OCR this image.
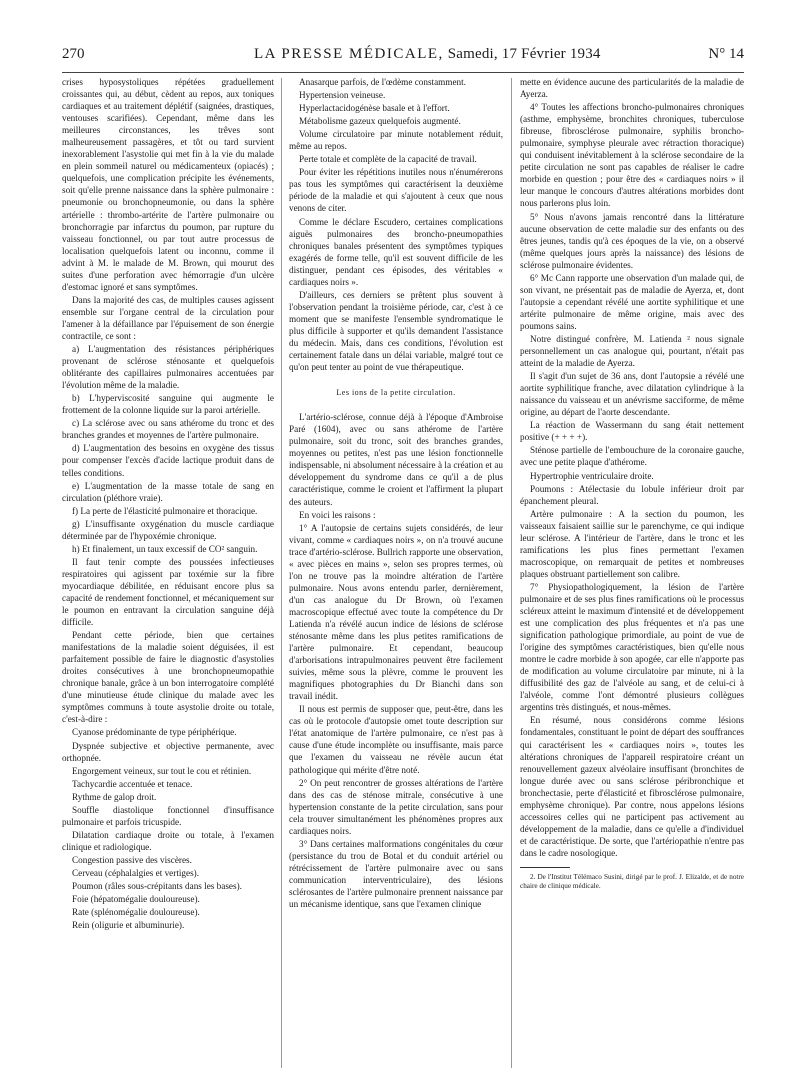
270	LA PRESSE MÉDICALE, Samedi, 17 Février 1934	N° 14

crises hyposystoliques répétées graduellement croissantes qui, au début, cèdent au repos, aux toniques cardiaques et au traitement déplétif (saignées, drastiques, ventouses scarifiées). Cependant, même dans les meilleures circonstances, les trêves sont malheureusement passagères, et tôt ou tard survient inexorablement l'asystolie qui met fin à la vie du malade en plein sommeil naturel ou médicamenteux (opiacés) ; quelquefois, une complication précipite les événements, soit qu'elle prenne naissance dans la sphère pulmonaire : pneumonie ou bronchopneumonie, ou dans la sphère artérielle : thrombo-artérite de l'artère pulmonaire ou bronchorragie par infarctus du poumon, par rupture du vaisseau fonctionnel, ou par tout autre processus de localisation quelquefois latent ou inconnu, comme il advint à M. le malade de M. Brown, qui mourut des suites d'une perforation avec hémorragie d'un ulcère d'estomac ignoré et sans symptômes.

Dans la majorité des cas, de multiples causes agissent ensemble sur l'organe central de la circulation pour l'amener à la défaillance par l'épuisement de son énergie contractile, ce sont :

a) L'augmentation des résistances périphériques provenant de sclérose sténosante et quelquefois oblitérante des capillaires pulmonaires accentuées par l'évolution même de la maladie.

b) L'hyperviscosité sanguine qui augmente le frottement de la colonne liquide sur la paroi artérielle.

c) La sclérose avec ou sans athérome du tronc et des branches grandes et moyennes de l'artère pulmonaire.

d) L'augmentation des besoins en oxygène des tissus pour compenser l'excès d'acide lactique produit dans de telles conditions.

e) L'augmentation de la masse totale de sang en circulation (pléthore vraie).

f) La perte de l'élasticité pulmonaire et thoracique.

g) L'insuffisante oxygénation du muscle cardiaque déterminée par de l'hypoxémie chronique.

h) Et finalement, un taux excessif de CO² sanguin.

Il faut tenir compte des poussées infectieuses respiratoires qui agissent par toxémie sur la fibre myocardiaque débilitée, en réduisant encore plus sa capacité de rendement fonctionnel, et mécaniquement sur le poumon en entravant la circulation sanguine déjà difficile.

Pendant cette période, bien que certaines manifestations de la maladie soient déguisées, il est parfaitement possible de faire le diagnostic d'asystolies droites consécutives à une bronchopneumopathie chronique banale, grâce à un bon interrogatoire complété d'une minutieuse étude clinique du malade avec les symptômes communs à toute asystolie droite ou totale, c'est-à-dire :

Cyanose prédominante de type périphérique.

Dyspnée subjective et objective permanente, avec orthopnée.

Engorgement veineux, sur tout le cou et rétinien.

Tachycardie accentuée et tenace.

Rythme de galop droit.

Souffle diastolique fonctionnel d'insuffisance pulmonaire et parfois tricuspide.

Dilatation cardiaque droite ou totale, à l'examen clinique et radiologique.

Congestion passive des viscères.

Cerveau (céphalalgies et vertiges).

Poumon (râles sous-crépitants dans les bases).

Foie (hépatomégalie douloureuse).

Rate (splénomégalie douloureuse).

Rein (oligurie et albuminurie).

Anasarque parfois, de l'œdème constamment.

Hypertension veineuse.

Hyperlactacidogénèse basale et à l'effort.

Métabolisme gazeux quelquefois augmenté.

Volume circulatoire par minute notablement réduit, même au repos.

Perte totale et complète de la capacité de travail.

Pour éviter les répétitions inutiles nous n'énumérerons pas tous les symptômes qui caractérisent la deuxième période de la maladie et qui s'ajoutent à ceux que nous venons de citer.

Comme le déclare Escudero, certaines complications aiguës pulmonaires des broncho-pneumopathies chroniques banales présentent des symptômes typiques exagérés de forme telle, qu'il est souvent difficile de les distinguer, pendant ces épisodes, des véritables « cardiaques noirs ».

D'ailleurs, ces derniers se prêtent plus souvent à l'observation pendant la troisième période, car, c'est à ce moment que se manifeste l'ensemble syndromatique le plus difficile à supporter et qu'ils demandent l'assistance du médecin. Mais, dans ces conditions, l'évolution est certainement fatale dans un délai variable, malgré tout ce qu'on peut tenter au point de vue thérapeutique.

Les ions de la petite circulation.

L'artério-sclérose, connue déjà à l'époque d'Ambroise Paré (1604), avec ou sans athérome de l'artère pulmonaire, soit du tronc, soit des branches grandes, moyennes ou petites, n'est pas une lésion fonctionnelle indispensable, ni absolument nécessaire à la création et au développement du syndrome dans ce qu'il a de plus caractéristique, comme le croient et l'affirment la plupart des auteurs.

En voici les raisons :

1° A l'autopsie de certains sujets considérés, de leur vivant, comme « cardiaques noirs », on n'a trouvé aucune trace d'artério-sclérose. Bullrich rapporte une observation, « avec pièces en mains », selon ses propres termes, où l'on ne trouve pas la moindre altération de l'artère pulmonaire. Nous avons entendu parler, dernièrement, d'un cas analogue du Dr Brown, où l'examen macroscopique effectué avec toute la compétence du Dr Latienda n'a révélé aucun indice de lésions de sclérose sténosante même dans les plus petites ramifications de l'artère pulmonaire. Et cependant, beaucoup d'arborisations intrapulmonaires peuvent être facilement suivies, même sous la plèvre, comme le prouvent les magnifiques photographies du Dr Bianchi dans son travail inédit.

Il nous est permis de supposer que, peut-être, dans les cas où le protocole d'autopsie omet toute description sur l'état anatomique de l'artère pulmonaire, ce n'est pas à cause d'une étude incomplète ou insuffisante, mais parce que l'examen du vaisseau ne révèle aucun état pathologique qui mérite d'être noté.

2° On peut rencontrer de grosses altérations de l'artère dans des cas de sténose mitrale, consécutive à une hypertension constante de la petite circulation, sans pour cela trouver simultanément les phénomènes propres aux cardiaques noirs.

3° Dans certaines malformations congénitales du cœur (persistance du trou de Botal et du conduit artériel ou rétrécissement de l'artère pulmonaire avec ou sans communication interventriculaire), des lésions sclérosantes de l'artère pulmonaire prennent naissance par un mécanisme identique, sans que l'examen clinique

mette en évidence aucune des particularités de la maladie de Ayerza.

4° Toutes les affections broncho-pulmonaires chroniques (asthme, emphysème, bronchites chroniques, tuberculose fibreuse, fibrosclérose pulmonaire, syphilis broncho-pulmonaire, symphyse pleurale avec rétraction thoracique) qui conduisent inévitablement à la sclérose secondaire de la petite circulation ne sont pas capables de réaliser le cadre morbide en question ; pour être des « cardiaques noirs » il leur manque le concours d'autres altérations morbides dont nous parlerons plus loin.

5° Nous n'avons jamais rencontré dans la littérature aucune observation de cette maladie sur des enfants ou des êtres jeunes, tandis qu'à ces époques de la vie, on a observé (même quelques jours après la naissance) des lésions de sclérose pulmonaire évidentes.

6° Mc Cann rapporte une observation d'un malade qui, de son vivant, ne présentait pas de maladie de Ayerza, et, dont l'autopsie a cependant révélé une aortite syphilitique et une artérite pulmonaire de même origine, mais avec des poumons sains.

Notre distingué confrère, M. Latienda ² nous signale personnellement un cas analogue qui, pourtant, n'était pas atteint de la maladie de Ayerza.

Il s'agit d'un sujet de 36 ans, dont l'autopsie a révélé une aortite syphilitique franche, avec dilatation cylindrique à la naissance du vaisseau et un anévrisme sacciforme, de même origine, au départ de l'aorte descendante.

La réaction de Wassermann du sang était nettement positive (+ + + +).

Sténose partielle de l'embouchure de la coronaire gauche, avec une petite plaque d'athérome.

Hypertrophie ventriculaire droite.

Poumons : Atélectasie du lobule inférieur droit par épanchement pleural.

Artère pulmonaire : A la section du poumon, les vaisseaux faisaient saillie sur le parenchyme, ce qui indique leur sclérose. A l'intérieur de l'artère, dans le tronc et les ramifications les plus fines permettant l'examen macroscopique, on remarquait de petites et nombreuses plaques obstruant partiellement son calibre.

7° Physiopathologiquement, la lésion de l'artère pulmonaire et de ses plus fines ramifications où le processus scléreux atteint le maximum d'intensité et de développement est une complication des plus fréquentes et n'a pas une signification pathologique primordiale, au point de vue de l'origine des symptômes caractéristiques, bien qu'elle nous montre le cadre morbide à son apogée, car elle n'apporte pas de modification au volume circulatoire par minute, ni à la diffusibilité des gaz de l'alvéole au sang, et de celui-ci à l'alvéole, comme l'ont démontré plusieurs collègues argentins très distingués, et nous-mêmes.

En résumé, nous considérons comme lésions fondamentales, constituant le point de départ des souffrances qui caractérisent les « cardiaques noirs », toutes les altérations chroniques de l'appareil respiratoire créant un renouvellement gazeux alvéolaire insuffisant (bronchites de longue durée avec ou sans sclérose péribronchique et bronchectasie, perte d'élasticité et fibrosclérose pulmonaire, emphysème chronique). Par contre, nous appelons lésions accessoires celles qui ne participent pas activement au développement de la maladie, dans ce qu'elle a d'individuel et de caractéristique. De sorte, que l'artériopathie n'entre pas dans le cadre nosologique.

2. De l'Institut Télémaco Susini, dirigé par le prof. J. Elizalde, et de notre chaire de clinique médicale.
